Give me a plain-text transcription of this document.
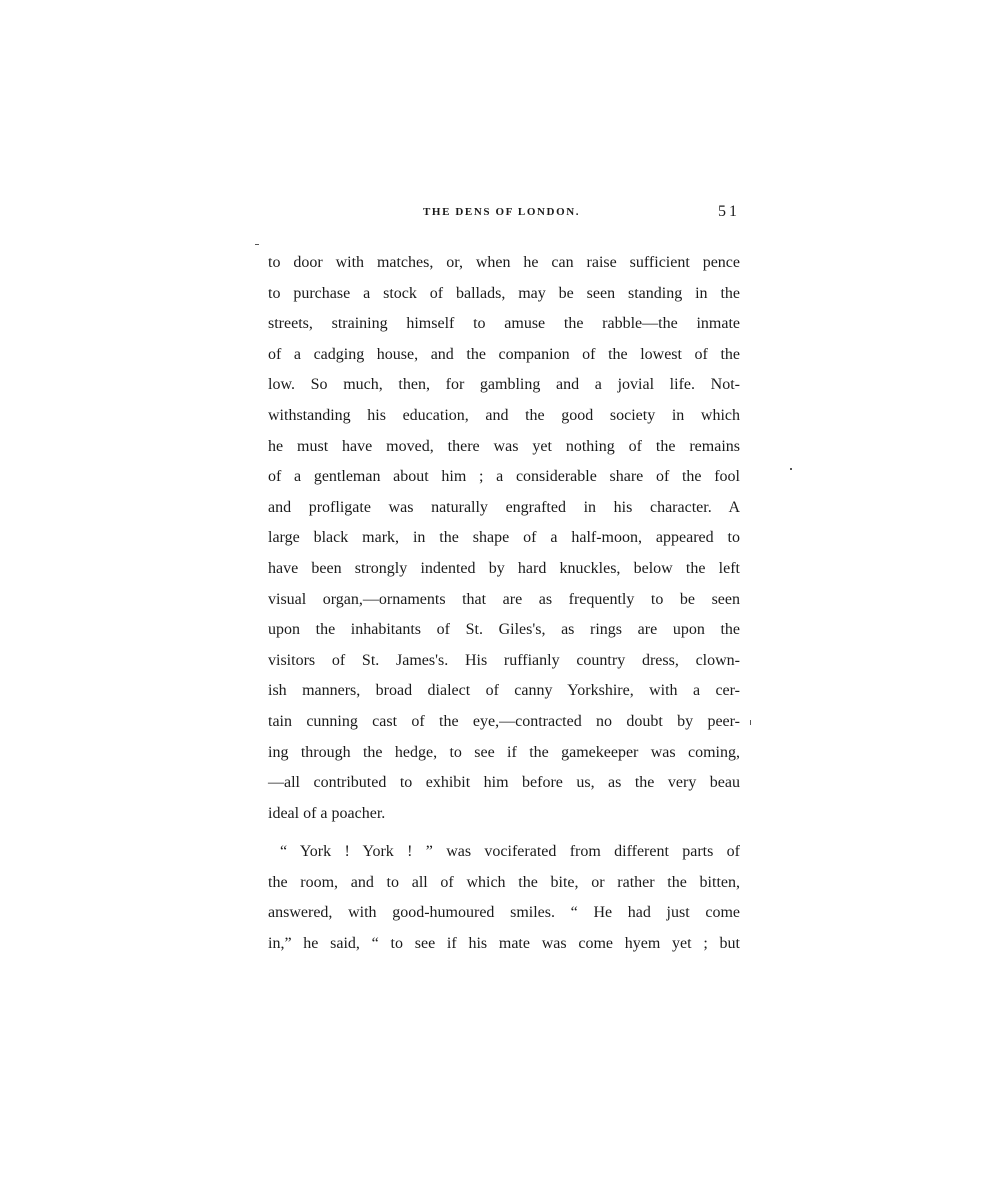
THE DENS OF LONDON.	51
to door with matches, or, when he can raise sufficient pence
to purchase a stock of ballads, may be seen standing in the
streets, straining himself to amuse the rabble—the inmate
of a cadging house, and the companion of the lowest of the
low. So much, then, for gambling and a jovial life. Not-
withstanding his education, and the good society in which
he must have moved, there was yet nothing of the remains
of a gentleman about him ; a considerable share of the fool
and profligate was naturally engrafted in his character. A
large black mark, in the shape of a half-moon, appeared to
have been strongly indented by hard knuckles, below the left
visual organ,—ornaments that are as frequently to be seen
upon the inhabitants of St. Giles's, as rings are upon the
visitors of St. James's. His ruffianly country dress, clown-
ish manners, broad dialect of canny Yorkshire, with a cer-
tain cunning cast of the eye,—contracted no doubt by peer-
ing through the hedge, to see if the gamekeeper was coming,
—all contributed to exhibit him before us, as the very beau
ideal of a poacher.
“ York ! York ! ” was vociferated from different parts of
the room, and to all of which the bite, or rather the bitten,
answered, with good-humoured smiles. “ He had just come
in,” he said, “ to see if his mate was come hyem yet ; but
